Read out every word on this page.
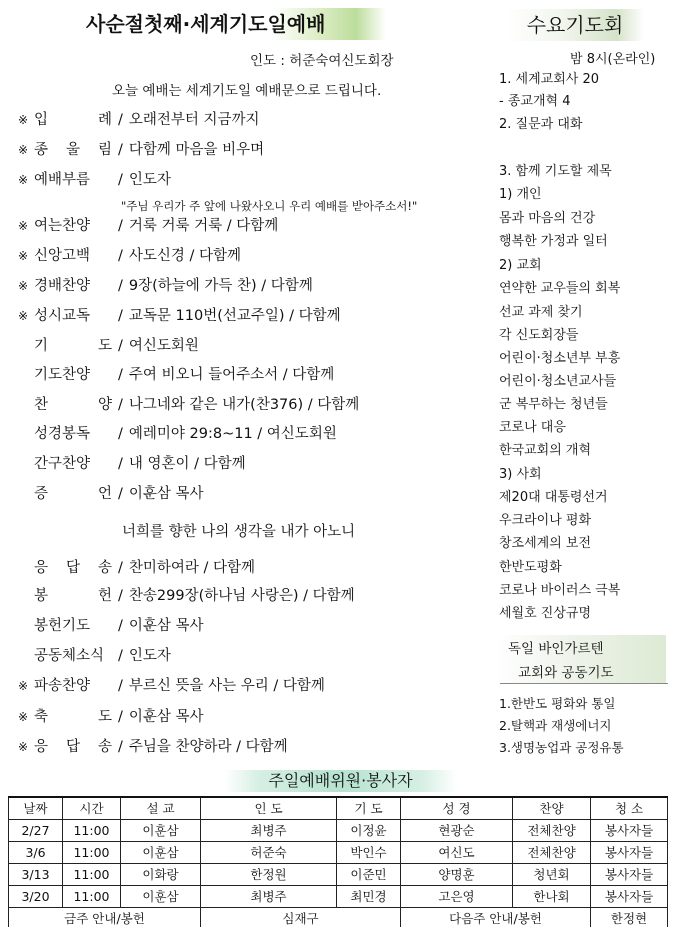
사순절첫째·세계기도일예배
인도 : 허준숙여신도회장
오늘 예배는 세계기도일 예배문으로 드립니다.
※ 입	례 / 오래전부터 지금까지
※ 종 울 림 / 다함께 마음을 비우며
※ 예배부름 / 인도자
※ 여는찬양 / 거룩 거룩 거룩 / 다함께
※ 신앙고백 / 사도신경 / 다함께
※ 경배찬양 / 9장(하늘에 가득 찬) / 다함께
※ 성시교독 / 교독문 110번(선교주일) / 다함께
기	도 / 여신도회원
기도찬양 / 주여 비오니 들어주소서 / 다함께
찬	양 / 나그네와 같은 내가(찬376) / 다함께
성경봉독 / 예레미야 29:8~11 / 여신도회원
간구찬양 / 내 영혼이 / 다함께
증	언 / 이훈삼 목사
응 답 송 / 찬미하여라 / 다함께
봉	헌 / 찬송299장(하나님 사랑은) / 다함께
봉헌기도 / 이훈삼 목사
공동체소식 / 인도자
※ 파송찬양 / 부르신 뜻을 사는 우리 / 다함께
※ 축	도 / 이훈삼 목사
※ 응 답 송 / 주님을 찬양하라 / 다함께
"주님 우리가 주 앞에 나왔사오니 우리 예배를 받아주소서!"
너희를 향한 나의 생각을 내가 아노니
수요기도회
밤 8시(온라인)
1. 세계교회사 20
- 종교개혁 4
2. 질문과 대화
3. 함께 기도할 제목
1) 개인
몸과 마음의 건강
행복한 가정과 일터
2) 교회
연약한 교우들의 회복
선교 과제 찾기
각 신도회장들
어린이·청소년부 부흥
어린이·청소년교사들
군 복무하는 청년들
코로나 대응
한국교회의 개혁
3) 사회
제20대 대통령선거
우크라이나 평화
창조세계의 보전
한반도평화
코로나 바이러스 극복
세월호 진상규명
독일 바인가르텐
교회와 공동기도
1.한반도 평화와 통일
2.탈핵과 재생에너지
3.생명농업과 공정유통
주일예배위원·봉사자
날짜	시간	설 교	인 도	기 도	성 경	찬양	청 소
2/27	11:00	이훈삼	최병주	이정윤	현광순	전체찬양	봉사자들
3/6	11:00	이훈삼	허준숙	박인수	여신도	전체찬양	봉사자들
3/13	11:00	이화랑	한정원	이준민	양명훈	청년회	봉사자들
3/20	11:00	이훈삼	최병주	최민경	고은영	한나회	봉사자들
금주 안내/봉헌			심재구		다음주 안내/봉헌		한정현
